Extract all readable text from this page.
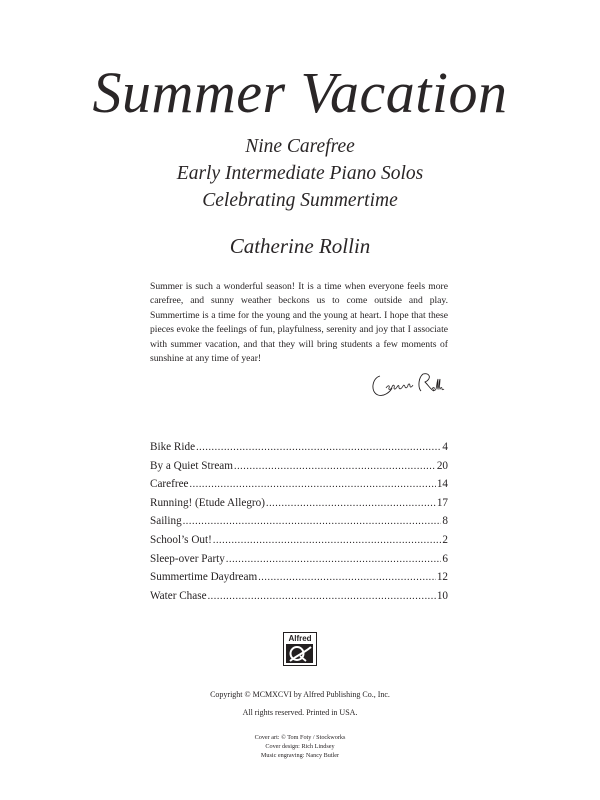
Summer Vacation
Nine Carefree
Early Intermediate Piano Solos
Celebrating Summertime
Catherine Rollin
Summer is such a wonderful season! It is a time when everyone feels more carefree, and sunny weather beckons us to come outside and play. Summertime is a time for the young and the young at heart. I hope that these pieces evoke the feelings of fun, playfulness, serenity and joy that I associate with summer vacation, and that they will bring students a few moments of sunshine at any time of year!
Bike Ride .....	4
By a Quiet Stream .....	20
Carefree .....	14
Running! (Etude Allegro) .....	17
Sailing .....	8
School’s Out! .....	2
Sleep-over Party .....	6
Summertime Daydream .....	12
Water Chase .....	10
Alfred
Copyright © MCMXCVI by Alfred Publishing Co., Inc.
All rights reserved. Printed in USA.
Cover art: © Tom Foty / Stockworks
Cover design: Rich Lindsey
Music engraving: Nancy Butler
